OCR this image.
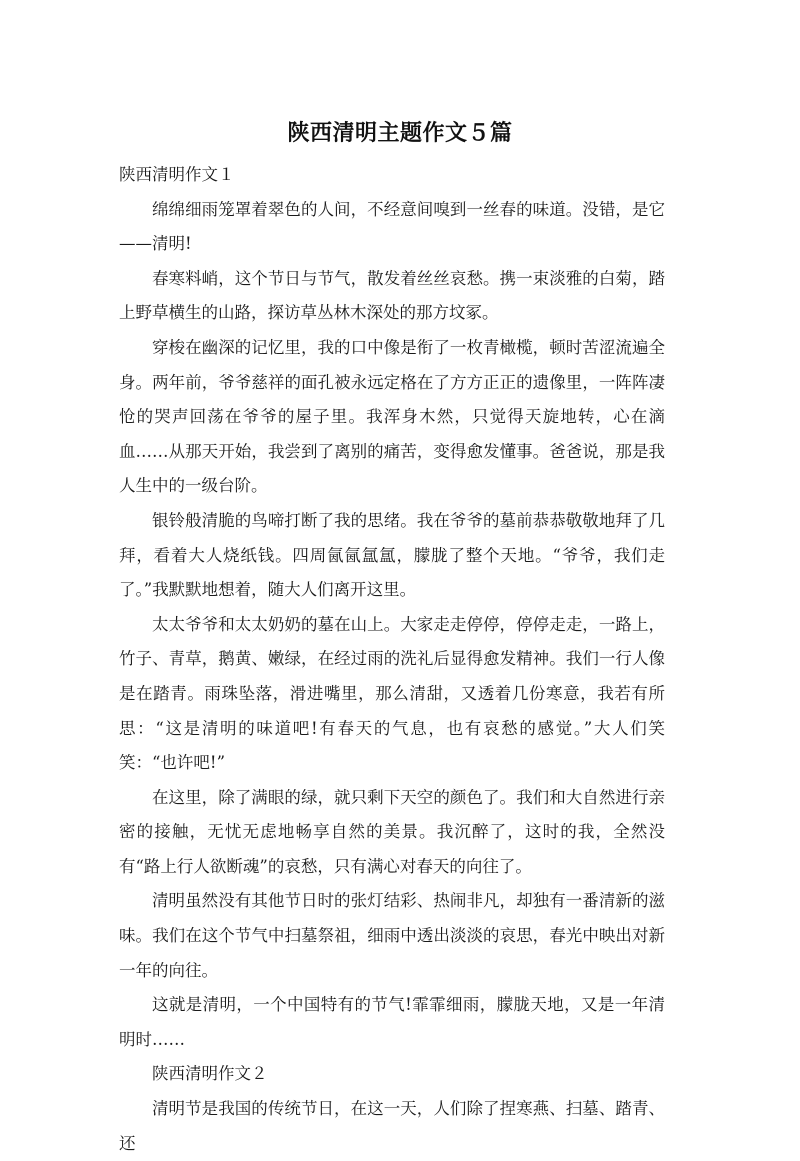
陕西清明主题作文５篇

陕西清明作文１

绵绵细雨笼罩着翠色的人间，不经意间嗅到一丝春的味道。没错，是它——清明!

春寒料峭，这个节日与节气，散发着丝丝哀愁。携一束淡雅的白菊，踏上野草横生的山路，探访草丛林木深处的那方坟冢。

穿梭在幽深的记忆里，我的口中像是衔了一枚青橄榄，顿时苦涩流遍全身。两年前，爷爷慈祥的面孔被永远定格在了方方正正的遗像里，一阵阵凄怆的哭声回荡在爷爷的屋子里。我浑身木然，只觉得天旋地转，心在滴血……从那天开始，我尝到了离别的痛苦，变得愈发懂事。爸爸说，那是我人生中的一级台阶。

银铃般清脆的鸟啼打断了我的思绪。我在爷爷的墓前恭恭敬敬地拜了几拜，看着大人烧纸钱。四周氤氤氲氲，朦胧了整个天地。“爷爷，我们走了。”我默默地想着，随大人们离开这里。

太太爷爷和太太奶奶的墓在山上。大家走走停停，停停走走，一路上，竹子、青草，鹅黄、嫩绿，在经过雨的洗礼后显得愈发精神。我们一行人像是在踏青。雨珠坠落，滑进嘴里，那么清甜，又透着几份寒意，我若有所思：“这是清明的味道吧!有春天的气息，也有哀愁的感觉。”大人们笑笑：“也许吧!”

在这里，除了满眼的绿，就只剩下天空的颜色了。我们和大自然进行亲密的接触，无忧无虑地畅享自然的美景。我沉醉了，这时的我，全然没有“路上行人欲断魂”的哀愁，只有满心对春天的向往了。

清明虽然没有其他节日时的张灯结彩、热闹非凡，却独有一番清新的滋味。我们在这个节气中扫墓祭祖，细雨中透出淡淡的哀思，春光中映出对新一年的向往。

这就是清明，一个中国特有的节气!霏霏细雨，朦胧天地，又是一年清明时……

陕西清明作文２

清明节是我国的传统节日，在这一天，人们除了捏寒燕、扫墓、踏青、还
